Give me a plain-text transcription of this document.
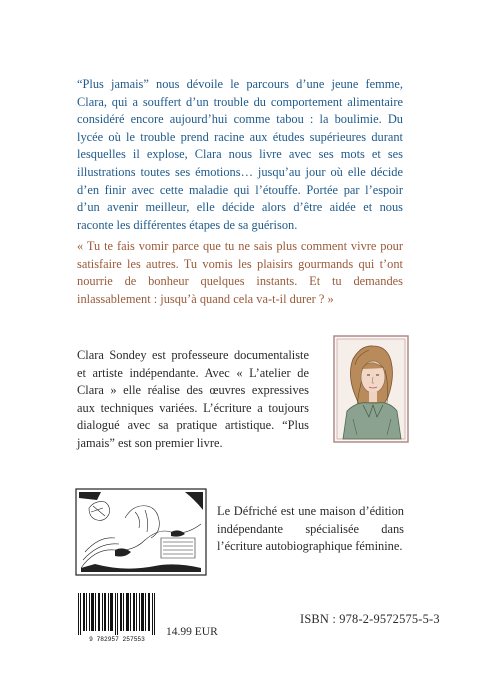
“Plus jamais” nous dévoile le parcours d’une jeune femme, Clara, qui a souffert d’un trouble du comportement alimentaire considéré encore aujourd’hui comme tabou : la boulimie. Du lycée où le trouble prend racine aux études supérieures durant lesquelles il explose, Clara nous livre avec ses mots et ses illustrations toutes ses émotions… jusqu’au jour où elle décide d’en finir avec cette maladie qui l’étouffe. Portée par l’espoir d’un avenir meilleur, elle décide alors d’être aidée et nous raconte les différentes étapes de sa guérison.

« Tu te fais vomir parce que tu ne sais plus comment vivre pour satisfaire les autres. Tu vomis les plaisirs gourmands qui t’ont nourrie de bonheur quelques instants. Et tu demandes inlassablement : jusqu’à quand cela va-t-il durer ? »

Clara Sondey est professeure documentaliste et artiste indépendante. Avec « L’atelier de Clara » elle réalise des œuvres expressives aux techniques variées. L’écriture a toujours dialogué avec sa pratique artistique. “Plus jamais” est son premier livre.

Le Défriché est une maison d’édition indépendante spécialisée dans l’écriture autobiographique féminine.

9 782957 257553
14.99 EUR
ISBN : 978-2-9572575-5-3
